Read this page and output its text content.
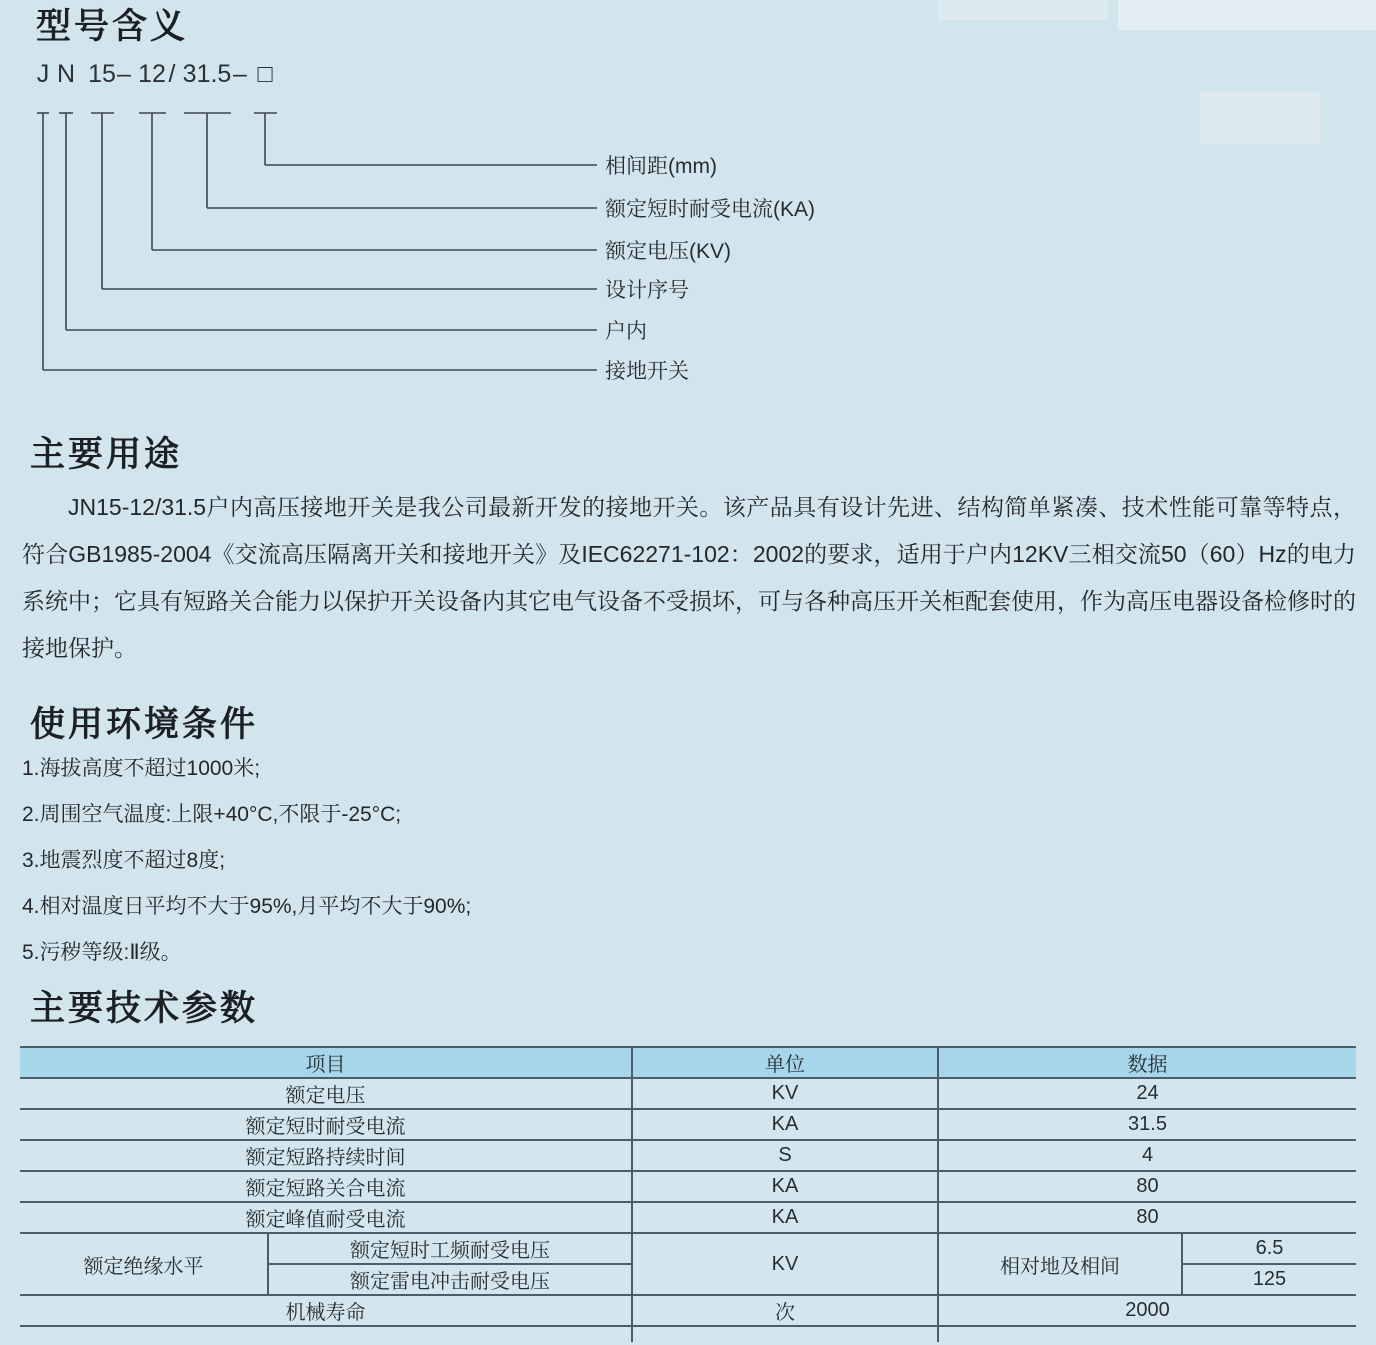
型号含义
J N 15 – 12 / 31.5 – □
相间距(mm)
额定短时耐受电流(KA)
额定电压(KV)
设计序号
户内
接地开关
主要用途

JN15-12/31.5户内高压接地开关是我公司最新开发的接地开关。该产品具有设计先进、结构简单紧凑、技术性能可靠等特点，符合GB1985-2004《交流高压隔离开关和接地开关》及IEC62271-102：2002的要求，适用于户内12KV三相交流50（60）Hz的电力系统中；它具有短路关合能力以保护开关设备内其它电气设备不受损坏，可与各种高压开关柜配套使用，作为高压电器设备检修时的接地保护。

使用环境条件
1.海拔高度不超过1000米;
2.周围空气温度:上限+40°C,不限于-25°C;
3.地震烈度不超过8度;
4.相对温度日平均不大于95%,月平均不大于90%;
5.污秽等级:Ⅱ级。
主要技术参数
项目		单位	数据	
额定电压		KV	24	
额定短时耐受电流		KA	31.5	
额定短路持续时间		S	4	
额定短路关合电流		KA	80	
额定峰值耐受电流		KA	80	
额定绝缘水平	额定短时工频耐受电压	KV	相对地及相间	6.5
	额定雷电冲击耐受电压			125
机械寿命		次	2000	
